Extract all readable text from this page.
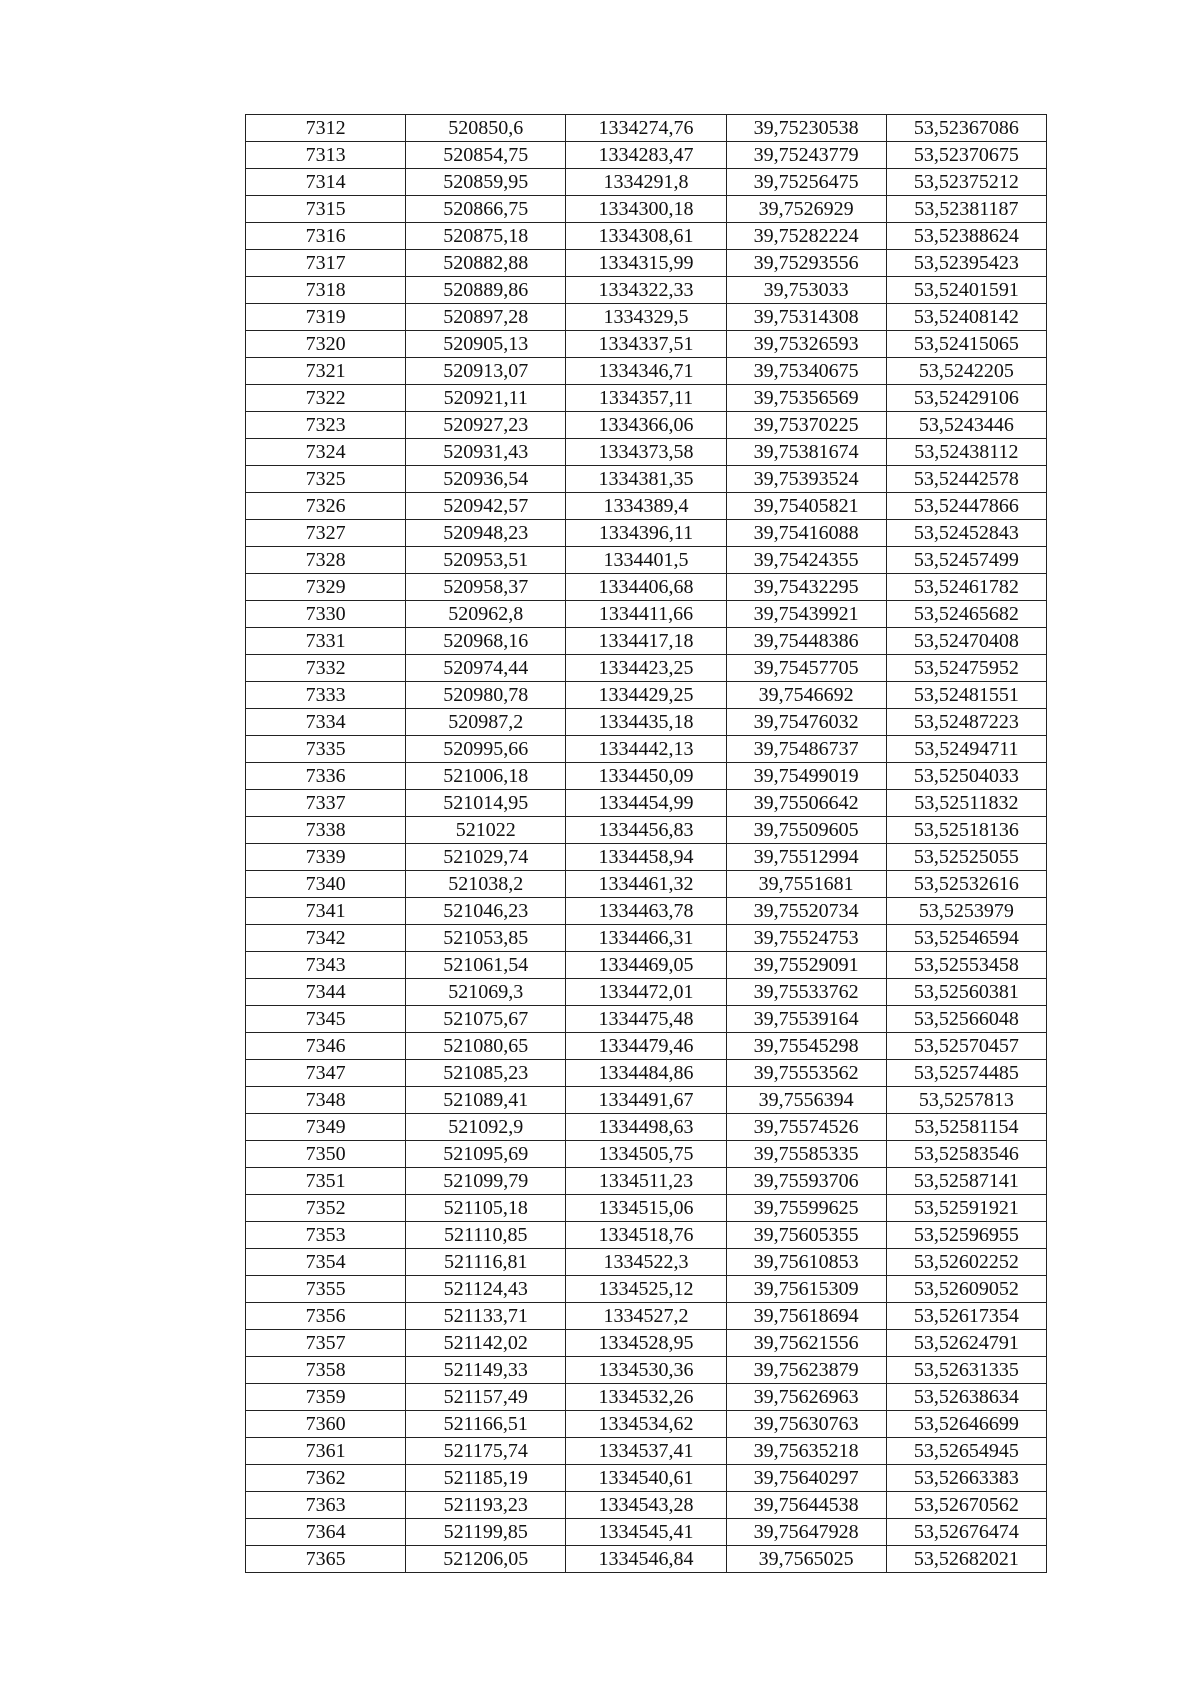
7312	520850,6	1334274,76	39,75230538	53,52367086
7313	520854,75	1334283,47	39,75243779	53,52370675
7314	520859,95	1334291,8	39,75256475	53,52375212
7315	520866,75	1334300,18	39,7526929	53,52381187
7316	520875,18	1334308,61	39,75282224	53,52388624
7317	520882,88	1334315,99	39,75293556	53,52395423
7318	520889,86	1334322,33	39,753033	53,52401591
7319	520897,28	1334329,5	39,75314308	53,52408142
7320	520905,13	1334337,51	39,75326593	53,52415065
7321	520913,07	1334346,71	39,75340675	53,5242205
7322	520921,11	1334357,11	39,75356569	53,52429106
7323	520927,23	1334366,06	39,75370225	53,5243446
7324	520931,43	1334373,58	39,75381674	53,52438112
7325	520936,54	1334381,35	39,75393524	53,52442578
7326	520942,57	1334389,4	39,75405821	53,52447866
7327	520948,23	1334396,11	39,75416088	53,52452843
7328	520953,51	1334401,5	39,75424355	53,52457499
7329	520958,37	1334406,68	39,75432295	53,52461782
7330	520962,8	1334411,66	39,75439921	53,52465682
7331	520968,16	1334417,18	39,75448386	53,52470408
7332	520974,44	1334423,25	39,75457705	53,52475952
7333	520980,78	1334429,25	39,7546692	53,52481551
7334	520987,2	1334435,18	39,75476032	53,52487223
7335	520995,66	1334442,13	39,75486737	53,52494711
7336	521006,18	1334450,09	39,75499019	53,52504033
7337	521014,95	1334454,99	39,75506642	53,52511832
7338	521022	1334456,83	39,75509605	53,52518136
7339	521029,74	1334458,94	39,75512994	53,52525055
7340	521038,2	1334461,32	39,7551681	53,52532616
7341	521046,23	1334463,78	39,75520734	53,5253979
7342	521053,85	1334466,31	39,75524753	53,52546594
7343	521061,54	1334469,05	39,75529091	53,52553458
7344	521069,3	1334472,01	39,75533762	53,52560381
7345	521075,67	1334475,48	39,75539164	53,52566048
7346	521080,65	1334479,46	39,75545298	53,52570457
7347	521085,23	1334484,86	39,75553562	53,52574485
7348	521089,41	1334491,67	39,7556394	53,5257813
7349	521092,9	1334498,63	39,75574526	53,52581154
7350	521095,69	1334505,75	39,75585335	53,52583546
7351	521099,79	1334511,23	39,75593706	53,52587141
7352	521105,18	1334515,06	39,75599625	53,52591921
7353	521110,85	1334518,76	39,75605355	53,52596955
7354	521116,81	1334522,3	39,75610853	53,52602252
7355	521124,43	1334525,12	39,75615309	53,52609052
7356	521133,71	1334527,2	39,75618694	53,52617354
7357	521142,02	1334528,95	39,75621556	53,52624791
7358	521149,33	1334530,36	39,75623879	53,52631335
7359	521157,49	1334532,26	39,75626963	53,52638634
7360	521166,51	1334534,62	39,75630763	53,52646699
7361	521175,74	1334537,41	39,75635218	53,52654945
7362	521185,19	1334540,61	39,75640297	53,52663383
7363	521193,23	1334543,28	39,75644538	53,52670562
7364	521199,85	1334545,41	39,75647928	53,52676474
7365	521206,05	1334546,84	39,7565025	53,52682021
